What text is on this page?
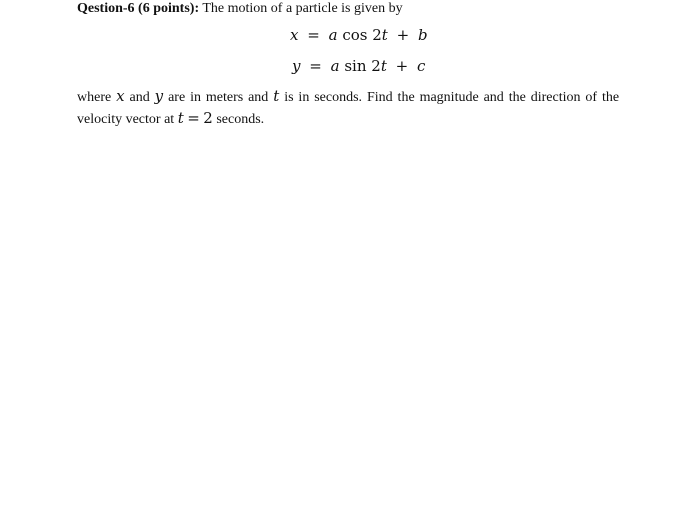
Qestion-6 (6 points): The motion of a particle is given by
x = a cos 2t + b
y = a sin 2t + c
where x and y are in meters and t is in seconds. Find the magnitude and the direction of the
velocity vector at t = 2 seconds.
